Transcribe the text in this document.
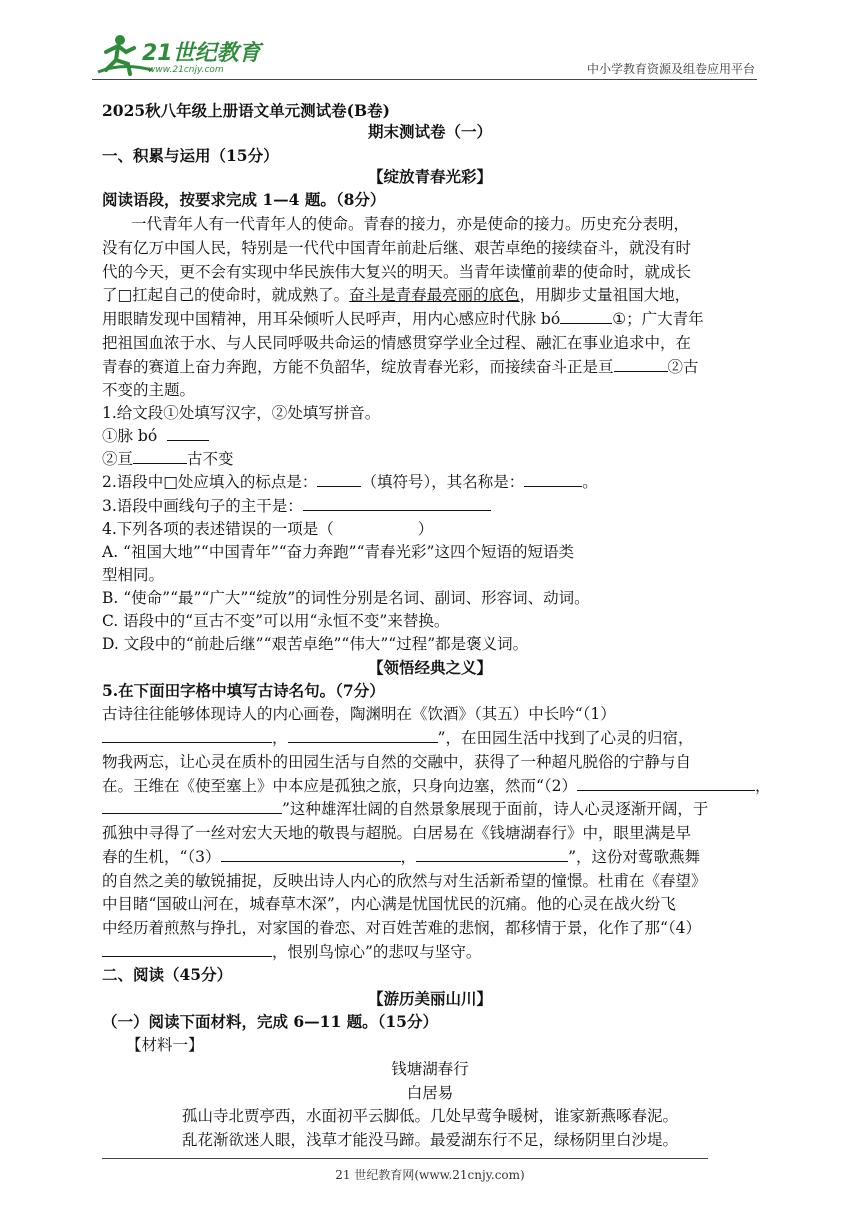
21世纪教育
www.21cnjy.com	中小学教育资源及组卷应用平台
2025秋八年级上册语文单元测试卷(B卷)
期末测试卷（一）
一、积累与运用（15分）
【绽放青春光彩】
阅读语段，按要求完成 1—4 题。（8分）
一代青年人有一代青年人的使命。青春的接力，亦是使命的接力。历史充分表明，
没有亿万中国人民，特别是一代代中国青年前赴后继、艰苦卓绝的接续奋斗，就没有时
代的今天，更不会有实现中华民族伟大复兴的明天。当青年读懂前辈的使命时，就成长
了□扛起自己的使命时，就成熟了。奋斗是青春最亮丽的底色，用脚步丈量祖国大地，
用眼睛发现中国精神，用耳朵倾听人民呼声，用内心感应时代脉 bó	①；广大青年
把祖国血浓于水、与人民同呼吸共命运的情感贯穿学业全过程、融汇在事业追求中，在
青春的赛道上奋力奔跑，方能不负韶华，绽放青春光彩，而接续奋斗正是亘	②古
不变的主题。
1.给文段①处填写汉字，②处填写拼音。
①脉 bó
②亘	古不变
2.语段中□处应填入的标点是：	（填符号），其名称是：	。
3.语段中画线句子的主干是：
4.下列各项的表述错误的一项是（	）
A. “祖国大地”“中国青年”“奋力奔跑”“青春光彩”这四个短语的短语类
型相同。
B. “使命”“最”“广大”“绽放”的词性分别是名词、副词、形容词、动词。
C. 语段中的“亘古不变”可以用“永恒不变”来替换。
D. 文段中的“前赴后继”“艰苦卓绝”“伟大”“过程”都是褒义词。
【领悟经典之义】
5.在下面田字格中填写古诗名句。（7分）
古诗往往能够体现诗人的内心画卷，陶渊明在《饮酒》（其五）中长吟“（1）
，	”，在田园生活中找到了心灵的归宿，
物我两忘，让心灵在质朴的田园生活与自然的交融中，获得了一种超凡脱俗的宁静与自
在。王维在《使至塞上》中本应是孤独之旅，只身向边塞，然而“（2）	，
”这种雄浑壮阔的自然景象展现于面前，诗人心灵逐渐开阔，于
孤独中寻得了一丝对宏大天地的敬畏与超脱。白居易在《钱塘湖春行》中，眼里满是早
春的生机，“（3）	，	”，这份对莺歌燕舞
的自然之美的敏锐捕捉，反映出诗人内心的欣然与对生活新希望的憧憬。杜甫在《春望》
中目睹“国破山河在，城春草木深”，内心满是忧国忧民的沉痛。他的心灵在战火纷飞
中经历着煎熬与挣扎，对家国的眷恋、对百姓苦难的悲悯，都移情于景，化作了那“（4）
，恨别鸟惊心”的悲叹与坚守。
二、阅读（45分）
【游历美丽山川】
（一）阅读下面材料，完成 6—11 题。（15分）
【材料一】
钱塘湖春行
白居易
孤山寺北贾亭西，水面初平云脚低。几处早莺争暖树，谁家新燕啄春泥。
乱花渐欲迷人眼，浅草才能没马蹄。最爱湖东行不足，绿杨阴里白沙堤。
21 世纪教育网(www.21cnjy.com)
